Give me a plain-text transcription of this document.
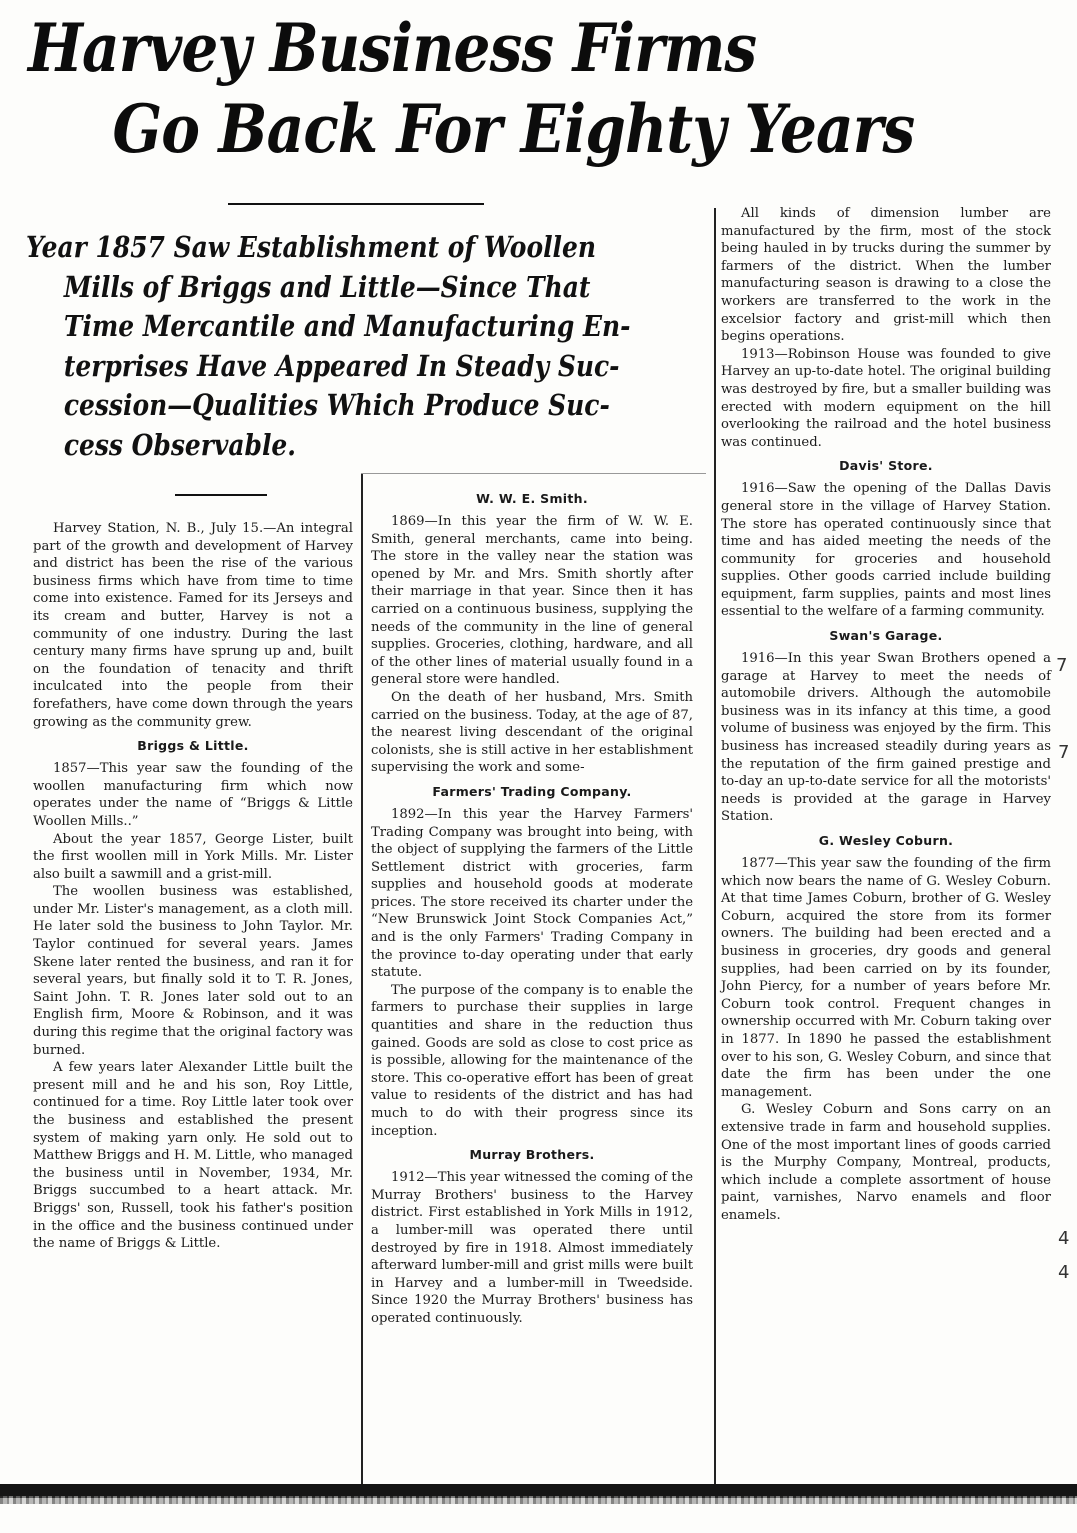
Harvey Business Firms
Go Back For Eighty Years
Year 1857 Saw Establishment of Woollen
Mills of Briggs and Little—Since That
Time Mercantile and Manufacturing En-
terprises Have Appeared In Steady Suc-
cession—Qualities Which Produce Suc-
cess Observable.

Harvey Station, N. B., July 15.—An integral part of the growth and development of Harvey and district has been the rise of the various business firms which have from time to time come into existence. Famed for its Jerseys and its cream and butter, Harvey is not a community of one industry. During the last century many firms have sprung up and, built on the foundation of tenacity and thrift inculcated into the people from their forefathers, have come down through the years growing as the community grew.

Briggs & Little.

1857—This year saw the founding of the woollen manufacturing firm which now operates under the name of “Briggs & Little Woollen Mills..”

About the year 1857, George Lister, built the first woollen mill in York Mills. Mr. Lister also built a sawmill and a grist-mill.

The woollen business was established, under Mr. Lister's management, as a cloth mill. He later sold the business to John Taylor. Mr. Taylor continued for several years. James Skene later rented the business, and ran it for several years, but finally sold it to T. R. Jones, Saint John. T. R. Jones later sold out to an English firm, Moore & Robinson, and it was during this regime that the original factory was burned.

A few years later Alexander Little built the present mill and he and his son, Roy Little, continued for a time. Roy Little later took over the business and established the present system of making yarn only. He sold out to Matthew Briggs and H. M. Little, who managed the business until in November, 1934, Mr. Briggs succumbed to a heart attack. Mr. Briggs' son, Russell, took his father's position in the office and the business continued under the name of Briggs & Little.

W. W. E. Smith.

1869—In this year the firm of W. W. E. Smith, general merchants, came into being. The store in the valley near the station was opened by Mr. and Mrs. Smith shortly after their marriage in that year. Since then it has carried on a continuous business, supplying the needs of the community in the line of general supplies. Groceries, clothing, hardware, and all of the other lines of material usually found in a general store were handled.

On the death of her husband, Mrs. Smith carried on the business. Today, at the age of 87, the nearest living descendant of the original colonists, she is still active in her establishment supervising the work and some-

Farmers' Trading Company.

1892—In this year the Harvey Farmers' Trading Company was brought into being, with the object of supplying the farmers of the Little Settlement district with groceries, farm supplies and household goods at moderate prices. The store received its charter under the “New Brunswick Joint Stock Companies Act,” and is the only Farmers' Trading Company in the province to-day operating under that early statute.

The purpose of the company is to enable the farmers to purchase their supplies in large quantities and share in the reduction thus gained. Goods are sold as close to cost price as is possible, allowing for the maintenance of the store. This co-operative effort has been of great value to residents of the district and has had much to do with their progress since its inception.

Murray Brothers.

1912—This year witnessed the coming of the Murray Brothers' business to the Harvey district. First established in York Mills in 1912, a lumber-mill was operated there until destroyed by fire in 1918. Almost immediately afterward lumber-mill and grist mills were built in Harvey and a lumber-mill in Tweedside. Since 1920 the Murray Brothers' business has operated continuously.

All kinds of dimension lumber are manufactured by the firm, most of the stock being hauled in by trucks during the summer by farmers of the district. When the lumber manufacturing season is drawing to a close the workers are transferred to the work in the excelsior factory and grist-mill which then begins operations.

1913—Robinson House was founded to give Harvey an up-to-date hotel. The original building was destroyed by fire, but a smaller building was erected with modern equipment on the hill overlooking the railroad and the hotel business was continued.

Davis' Store.

1916—Saw the opening of the Dallas Davis general store in the village of Harvey Station. The store has operated continuously since that time and has aided meeting the needs of the community for groceries and household supplies. Other goods carried include building equipment, farm supplies, paints and most lines essential to the welfare of a farming community.

Swan's Garage.

1916—In this year Swan Brothers opened a garage at Harvey to meet the needs of automobile drivers. Although the automobile business was in its infancy at this time, a good volume of business was enjoyed by the firm. This business has increased steadily during years as the reputation of the firm gained prestige and to-day an up-to-date service for all the motorists' needs is provided at the garage in Harvey Station.

G. Wesley Coburn.

1877—This year saw the founding of the firm which now bears the name of G. Wesley Coburn. At that time James Coburn, brother of G. Wesley Coburn, acquired the store from its former owners. The building had been erected and a business in groceries, dry goods and general supplies, had been carried on by its founder, John Piercy, for a number of years before Mr. Coburn took control. Frequent changes in ownership occurred with Mr. Coburn taking over in 1877. In 1890 he passed the establishment over to his son, G. Wesley Coburn, and since that date the firm has been under the one management.

G. Wesley Coburn and Sons carry on an extensive trade in farm and household supplies. One of the most important lines of goods carried is the Murphy Company, Montreal, products, which include a complete assortment of house paint, varnishes, Narvo enamels and floor enamels.

7
7
4
4
